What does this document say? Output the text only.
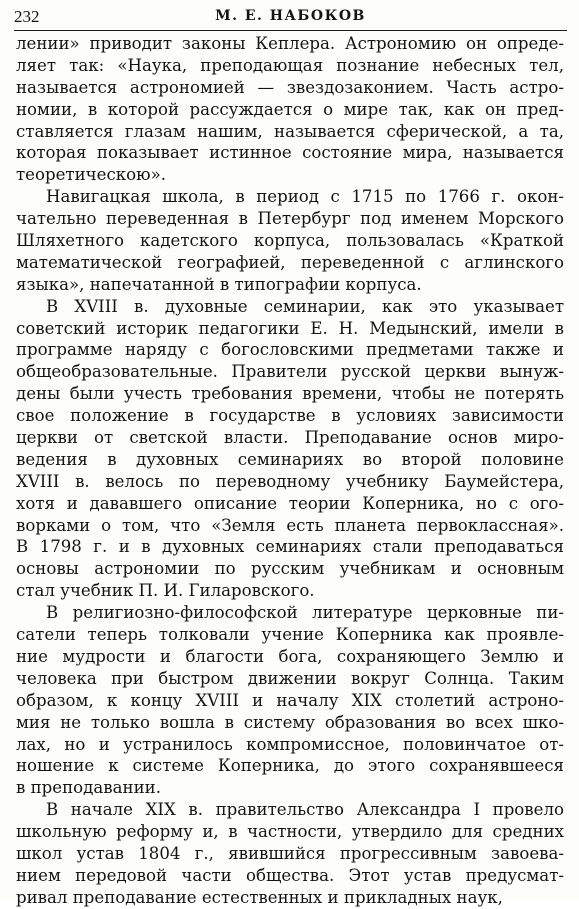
232	М. Е. НАБОКОВ
лении» приводит законы Кеплера. Астрономию он опреде-
ляет так: «Наука, преподающая познание небесных тел,
называется астрономией — звездозаконием. Часть астро-
номии, в которой рассуждается о мире так, как он пред-
ставляется глазам нашим, называется сферической, а та,
которая показывает истинное состояние мира, называется
теоретическою».
Навигацкая школа, в период с 1715 по 1766 г. окон-
чательно переведенная в Петербург под именем Морского
Шляхетного кадетского корпуса, пользовалась «Краткой
математической географией, переведенной с аглинского
языка», напечатанной в типографии корпуса.
В XVIII в. духовные семинарии, как это указывает
советский историк педагогики Е. Н. Медынский, имели в
программе наряду с богословскими предметами также и
общеобразовательные. Правители русской церкви вынуж-
дены были учесть требования времени, чтобы не потерять
свое положение в государстве в условиях зависимости
церкви от светской власти. Преподавание основ миро-
ведения в духовных семинариях во второй половине
XVIII в. велось по переводному учебнику Баумейстера,
хотя и дававшего описание теории Коперника, но с ого-
ворками о том, что «Земля есть планета первоклассная».
В 1798 г. и в духовных семинариях стали преподаваться
основы астрономии по русским учебникам и основным
стал учебник П. И. Гиларовского.
В религиозно-философской литературе церковные пи-
сатели теперь толковали учение Коперника как проявле-
ние мудрости и благости бога, сохраняющего Землю и
человека при быстром движении вокруг Солнца. Таким
образом, к концу XVIII и началу XIX столетий астроно-
мия не только вошла в систему образования во всех шко-
лах, но и устранилось компромиссное, половинчатое от-
ношение к системе Коперника, до этого сохранявшееся
в преподавании.
В начале XIX в. правительство Александра I провело
школьную реформу и, в частности, утвердило для средних
школ устав 1804 г., явившийся прогрессивным завоева-
нием передовой части общества. Этот устав предусмат-
ривал преподавание естественных и прикладных наук,
